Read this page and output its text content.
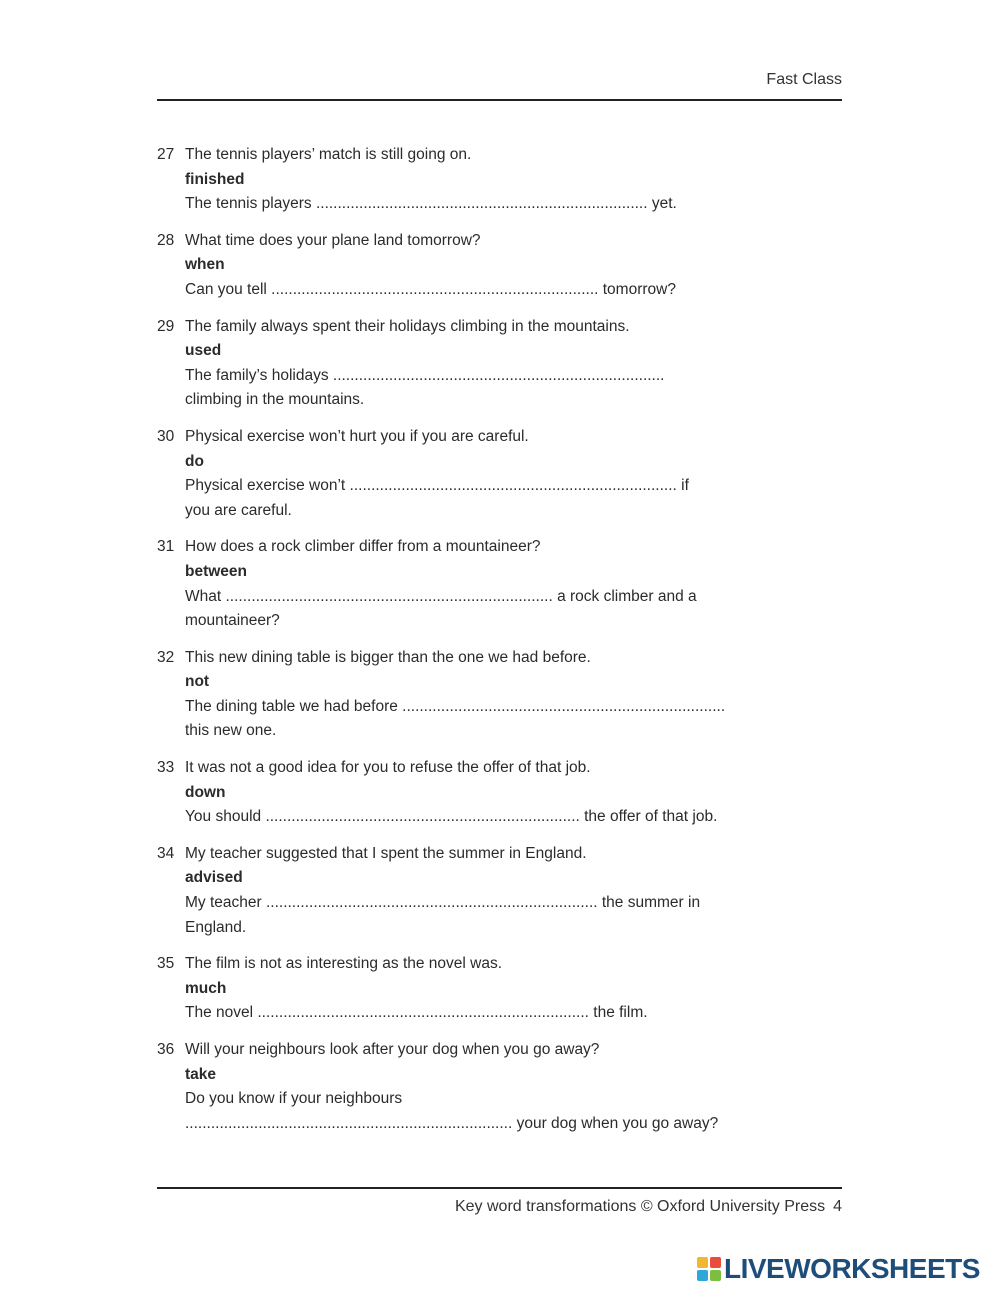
Fast Class

27 The tennis players’ match is still going on.
finished
The tennis players ............................................................................. yet.
28 What time does your plane land tomorrow?
when
Can you tell ............................................................................ tomorrow?
29 The family always spent their holidays climbing in the mountains.
used
The family’s holidays .............................................................................
climbing in the mountains.
30 Physical exercise won’t hurt you if you are careful.
do
Physical exercise won’t ............................................................................ if
you are careful.
31 How does a rock climber differ from a mountaineer?
between
What ............................................................................ a rock climber and a
mountaineer?
32 This new dining table is bigger than the one we had before.
not
The dining table we had before ...........................................................................
this new one.
33 It was not a good idea for you to refuse the offer of that job.
down
You should ......................................................................... the offer of that job.
34 My teacher suggested that I spent the summer in England.
advised
My teacher ............................................................................. the summer in
England.
35 The film is not as interesting as the novel was.
much
The novel ............................................................................. the film.
36 Will your neighbours look after your dog when you go away?
take
Do you know if your neighbours
............................................................................ your dog when you go away?

Key word transformations © Oxford University Press 4

LIVEWORKSHEETS
